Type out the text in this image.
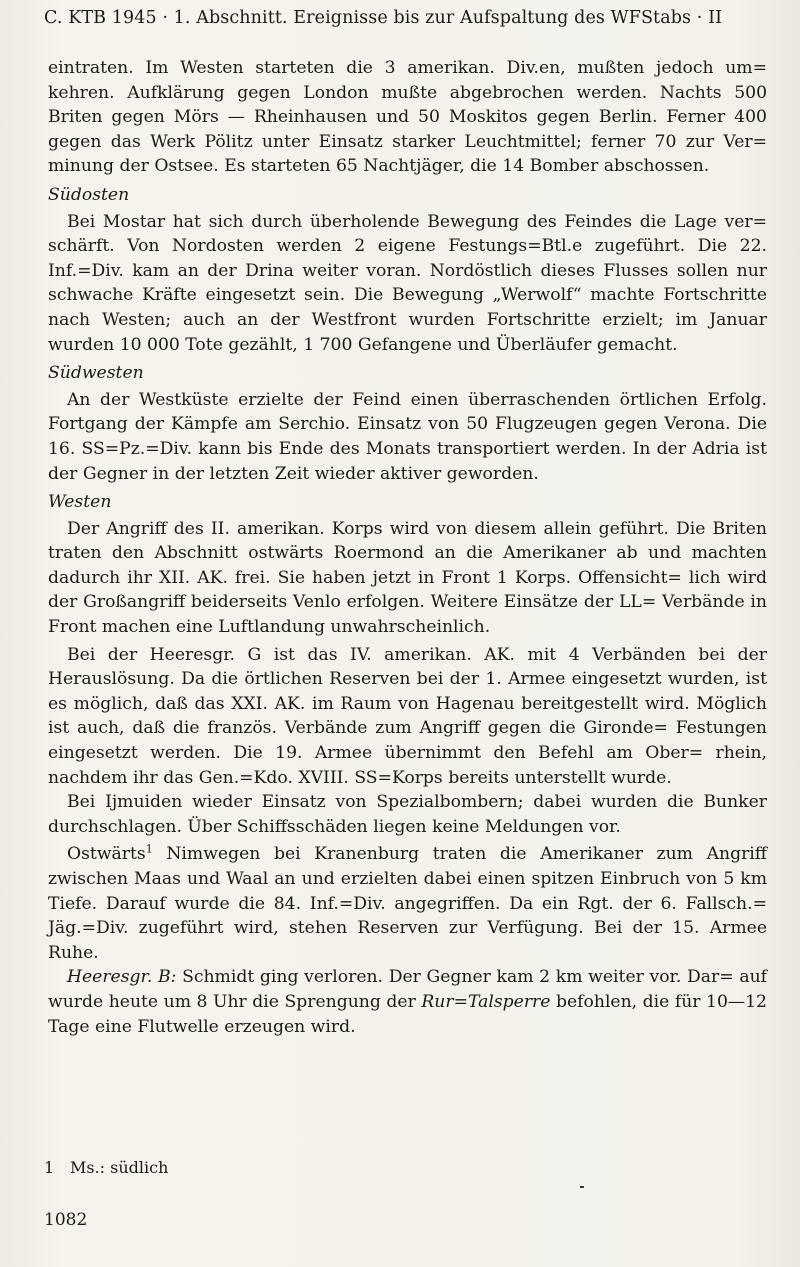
C. KTB 1945 · 1. Abschnitt. Ereignisse bis zur Aufspaltung des WFStabs · II

eintraten. Im Westen starteten die 3 amerikan. Div.en, mußten jedoch um= kehren. Aufklärung gegen London mußte abgebrochen werden. Nachts 500 Briten gegen Mörs — Rheinhausen und 50 Moskitos gegen Berlin. Ferner 400 gegen das Werk Pölitz unter Einsatz starker Leuchtmittel; ferner 70 zur Ver= minung der Ostsee. Es starteten 65 Nachtjäger, die 14 Bomber abschossen.

Südosten

Bei Mostar hat sich durch überholende Bewegung des Feindes die Lage ver= schärft. Von Nordosten werden 2 eigene Festungs=Btl.e zugeführt. Die 22. Inf.=Div. kam an der Drina weiter voran. Nordöstlich dieses Flusses sollen nur schwache Kräfte eingesetzt sein. Die Bewegung „Werwolf“ machte Fortschritte nach Westen; auch an der Westfront wurden Fortschritte erzielt; im Januar wurden 10 000 Tote gezählt, 1 700 Gefangene und Überläufer gemacht.

Südwesten

An der Westküste erzielte der Feind einen überraschenden örtlichen Erfolg. Fortgang der Kämpfe am Serchio. Einsatz von 50 Flugzeugen gegen Verona. Die 16. SS=Pz.=Div. kann bis Ende des Monats transportiert werden. In der Adria ist der Gegner in der letzten Zeit wieder aktiver geworden.

Westen

Der Angriff des II. amerikan. Korps wird von diesem allein geführt. Die Briten traten den Abschnitt ostwärts Roermond an die Amerikaner ab und machten dadurch ihr XII. AK. frei. Sie haben jetzt in Front 1 Korps. Offensicht= lich wird der Großangriff beiderseits Venlo erfolgen. Weitere Einsätze der LL= Verbände in Front machen eine Luftlandung unwahrscheinlich.

Bei der Heeresgr. G ist das IV. amerikan. AK. mit 4 Verbänden bei der Herauslösung. Da die örtlichen Reserven bei der 1. Armee eingesetzt wurden, ist es möglich, daß das XXI. AK. im Raum von Hagenau bereitgestellt wird. Möglich ist auch, daß die französ. Verbände zum Angriff gegen die Gironde= Festungen eingesetzt werden. Die 19. Armee übernimmt den Befehl am Ober= rhein, nachdem ihr das Gen.=Kdo. XVIII. SS=Korps bereits unterstellt wurde.

Bei Ijmuiden wieder Einsatz von Spezialbombern; dabei wurden die Bunker durchschlagen. Über Schiffsschäden liegen keine Meldungen vor.

Ostwärts$^1$ Nimwegen bei Kranenburg traten die Amerikaner zum Angriff zwischen Maas und Waal an und erzielten dabei einen spitzen Einbruch von 5 km Tiefe. Darauf wurde die 84. Inf.=Div. angegriffen. Da ein Rgt. der 6. Fallsch.= Jäg.=Div. zugeführt wird, stehen Reserven zur Verfügung. Bei der 15. Armee Ruhe.

Heeresgr. B: Schmidt ging verloren. Der Gegner kam 2 km weiter vor. Dar= auf wurde heute um 8 Uhr die Sprengung der Rur=Talsperre befohlen, die für 10—12 Tage eine Flutwelle erzeugen wird.

1 Ms.: südlich
1082
